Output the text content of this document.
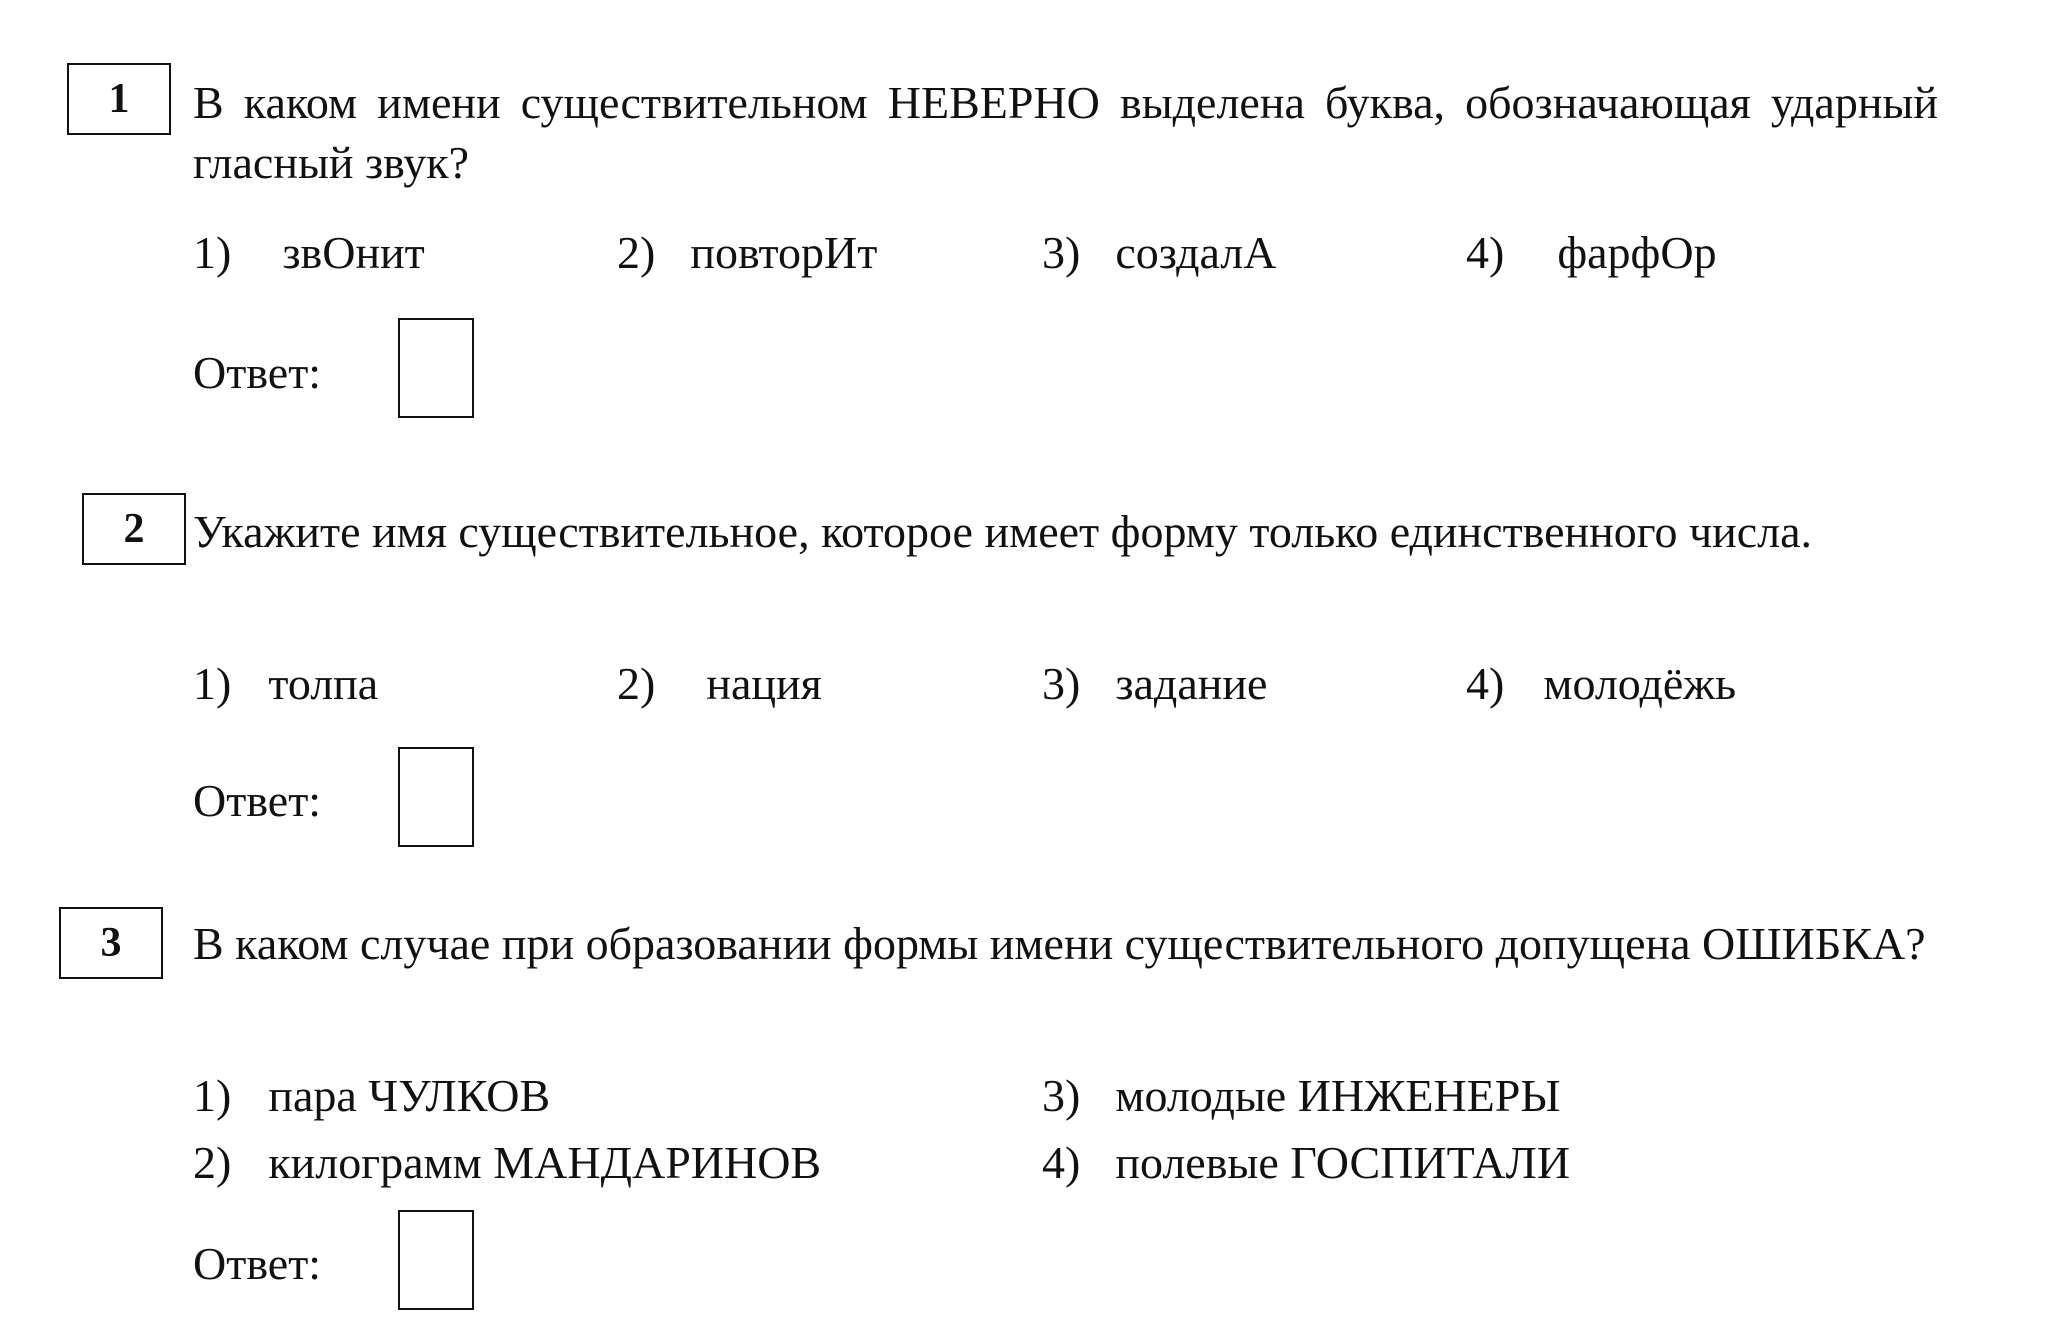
1	В каком имени существительном НЕВЕРНО выделена буква, обозначающая ударный гласный звук?
1) звОнит	2) повторИт	3) создалА	4) фарфОр
Ответ:
2	Укажите имя существительное, которое имеет форму только единственного числа.
1) толпа	2) нация	3) задание	4) молодёжь
Ответ:
3	В каком случае при образовании формы имени существительного допущена ОШИБКА?
1) пара ЧУЛКОВ
2) килограмм МАНДАРИНОВ
3) молодые ИНЖЕНЕРЫ
4) полевые ГОСПИТАЛИ
Ответ:
